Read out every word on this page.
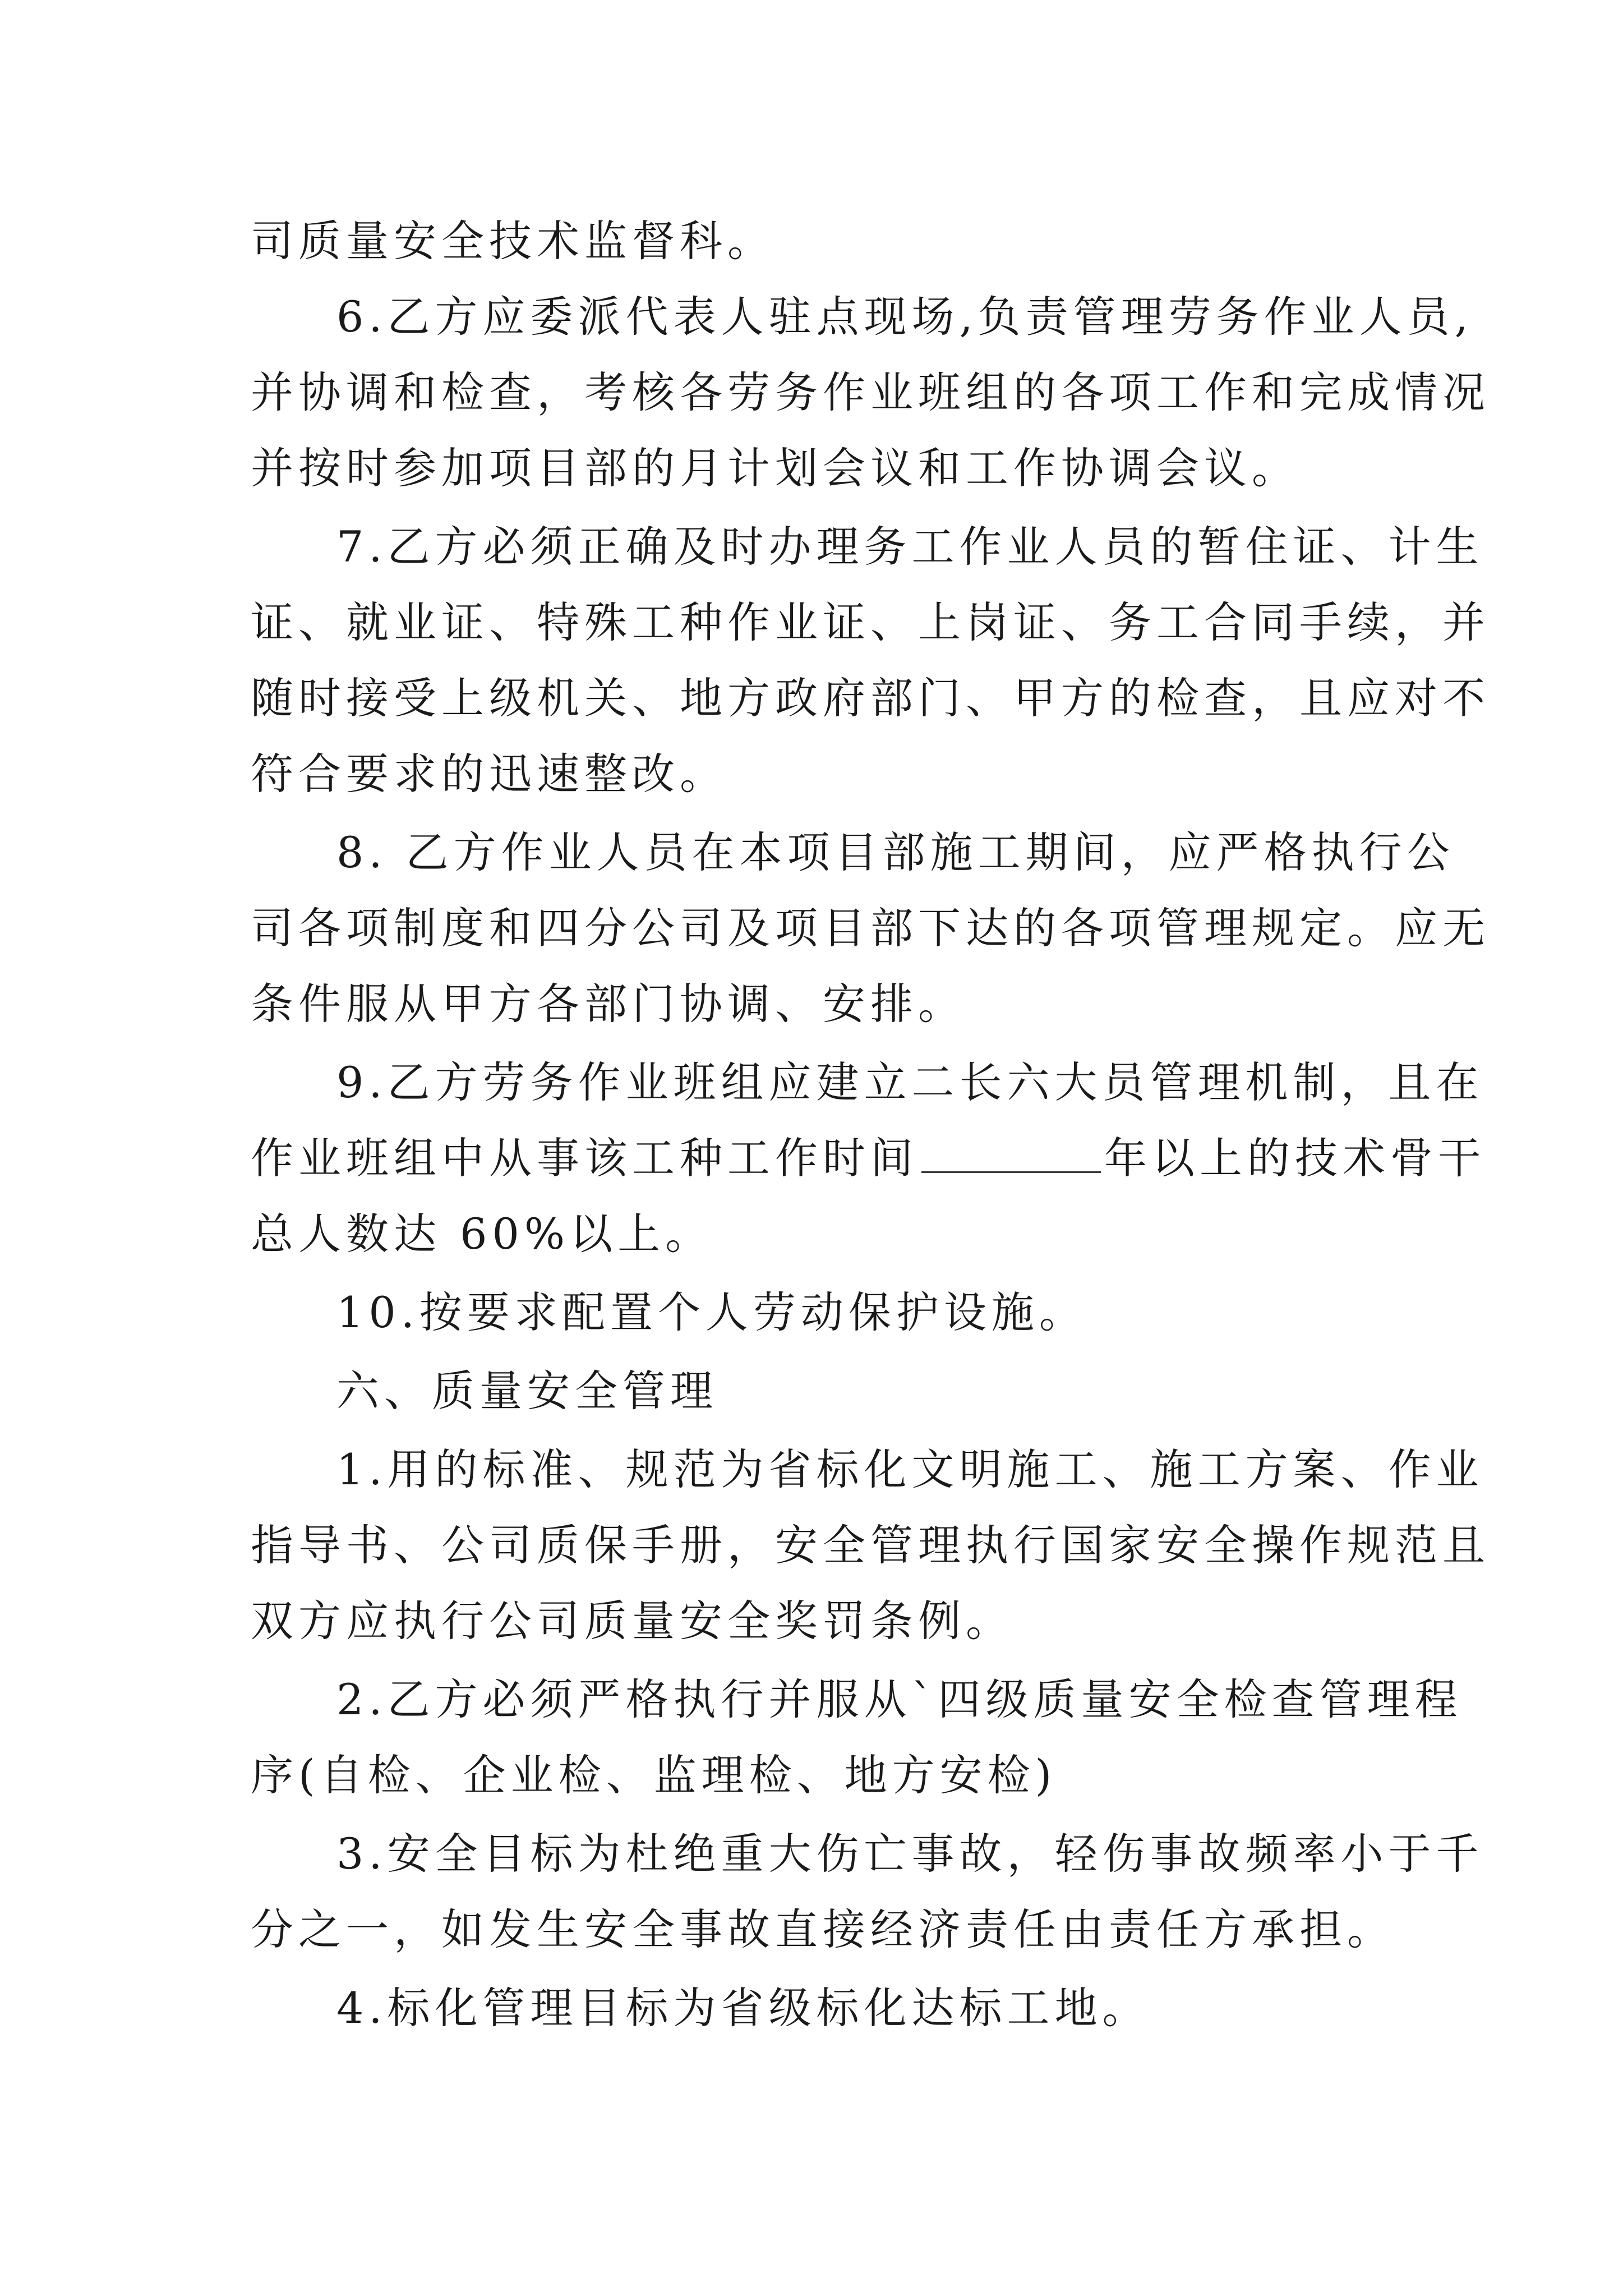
司质量安全技术监督科。
6.乙方应委派代表人驻点现场,负责管理劳务作业人员,
并协调和检查，考核各劳务作业班组的各项工作和完成情况
并按时参加项目部的月计划会议和工作协调会议。
7.乙方必须正确及时办理务工作业人员的暂住证、计生
证、就业证、特殊工种作业证、上岗证、务工合同手续，并
随时接受上级机关、地方政府部门、甲方的检查，且应对不
符合要求的迅速整改。
8. 乙方作业人员在本项目部施工期间，应严格执行公
司各项制度和四分公司及项目部下达的各项管理规定。应无
条件服从甲方各部门协调、安排。
9.乙方劳务作业班组应建立二长六大员管理机制，且在
作业班组中从事该工种工作时间	年以上的技术骨干
总人数达 60%以上。
10.按要求配置个人劳动保护设施。
六、质量安全管理
1.用的标准、规范为省标化文明施工、施工方案、作业
指导书、公司质保手册，安全管理执行国家安全操作规范且
双方应执行公司质量安全奖罚条例。
2.乙方必须严格执行并服从`四级质量安全检查管理程
序(自检、企业检、监理检、地方安检)
3.安全目标为杜绝重大伤亡事故，轻伤事故频率小于千
分之一，如发生安全事故直接经济责任由责任方承担。
4.标化管理目标为省级标化达标工地。
